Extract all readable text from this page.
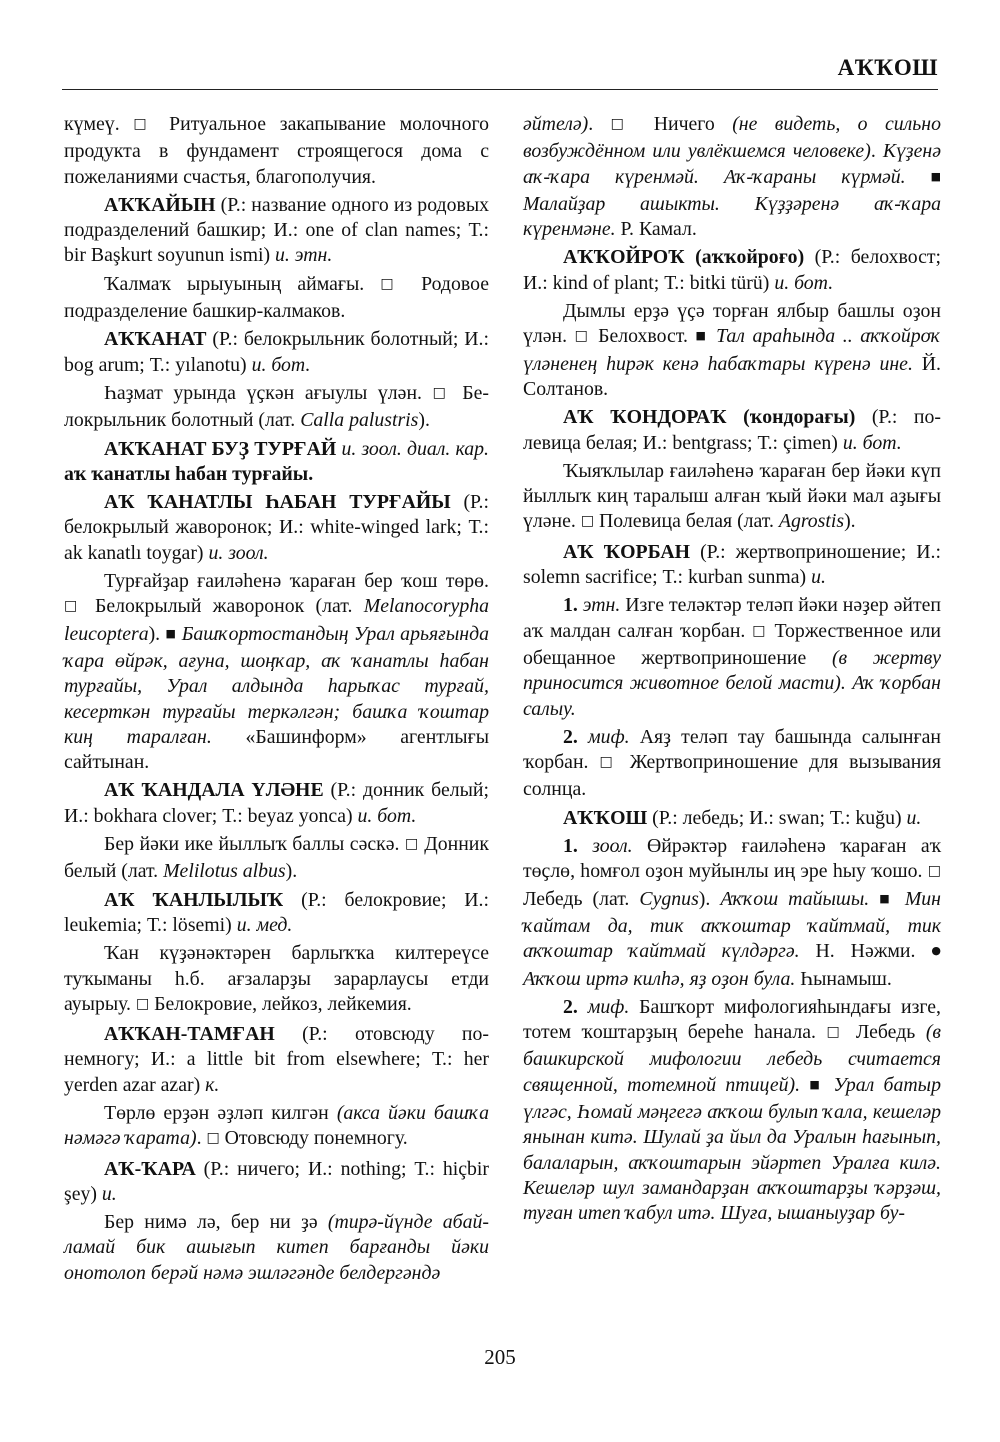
АҠҠОШ

күмеү. □ Ритуальное закапывание молочного продукта в фундамент строящегося дома с пожеланиями счастья, благополучия.

АҠҠАЙЫН (Р.: название одного из родовых подразделений башкир; И.: one of clan names; Т.: bir Başkurt soyunun ismi) и. этн.

Ҡалмаҡ ырыуының аймағы. □ Родовое подразделение башкир-калмаков.

АҠҠАНАТ (Р.: белокрыльник болотный; И.: bog arum; Т.: yılanotu) и. бот.

Һаҙмат урында үҫкән ағыулы үлән. □ Белокрыльник болотный (лат. Calla palustris).

АҠҠАНАТ БУҘ ТУРҒАЙ и. зоол. диал. кар. аҡ ҡанатлы һабан турғайы.

АҠ ҠАНАТЛЫ ҺАБАН ТУРҒАЙЫ (Р.: белокрылый жаворонок; И.: white-winged lark; Т.: ak kanatlı toygar) и. зоол.

Турғайҙар ғаиләһенә ҡараған бер ҡош төрө. □ Белокрылый жаворонок (лат. Melanocorypha leucoptera). ■ Башҡортостандың Урал арьяғында ҡара өйрәк, ағуна, шоңҡар, аҡ ҡанатлы һабан турғайы, Урал алдында һарыҡас турғай, кесерткән турғайы теркәлгән; башҡа ҡоштар киң таралған. «Башинформ» агентлығы сайтынан.

АҠ ҠАНДАЛА ҮЛӘНЕ (Р.: донник белый; И.: bokhara clover; Т.: beyaz yonca) и. бот.

Бер йәки ике йыллыҡ баллы сәскә. □ Донник белый (лат. Melilotus albus).

АҠ ҠАНЛЫЛЫҠ (Р.: белокровие; И.: leukemia; Т.: lösemi) и. мед.

Ҡан күҙәнәктәрен барлыҡҡа килтереүсе туҡыманы һ.б. ағзаларҙы зарарлаусы етди ауырыу. □ Белокровие, лейкоз, лейкемия.

АҠҠАН-ТАМҒАН (Р.: отовсюду понемногу; И.: a little bit from elsewhere; Т.: her yerden azar azar) к.

Төрлө ерҙән әҙләп килгән (акса йәки башҡа нәмәгә ҡарата). □ Отовсюду понемногу.

АҠ-ҠАРА (Р.: ничего; И.: nothing; Т.: hiçbir şey) и.

Бер нимә лә, бер ни ҙә (тирә-йүнде абайламай бик ашығып китеп барғанды йәки онотолоп берәй нәмә эшләгәнде белдергәндә

әйтелә). □ Ничего (не видеть, о сильно возбуждённом или увлёкшемся человеке). Күҙенә аҡ-ҡара күренмәй. Аҡ-ҡараны күрмәй. ■ Малайҙар ашыкты. Күҙҙәренә аҡ-ҡара күренмәне. Р. Камал.

АҠҠОЙРОҠ (аҡҡойроғо) (Р.: белохвост; И.: kind of plant; Т.: bitki türü) и. бот.

Дымлы ерҙә үҫә торған ялбыр башлы оҙон үлән. □ Белохвост. ■ Тал араһында .. аҡҡойроҡ үләненең һирәк кенә һабаҡтары күренә ине. Й. Солтанов.

АҠ ҠОНДОРАҠ (ҡондорағы) (Р.: полевица белая; И.: bentgrass; Т.: çimen) и. бот.

Ҡыяҡлылар ғаиләһенә ҡараған бер йәки күп йыллыҡ киң таралыш алған ҡый йәки мал аҙығы үләне. □ Полевица белая (лат. Agrostis).

АҠ ҠОРБАН (Р.: жертвоприношение; И.: solemn sacrifice; Т.: kurban sunma) и.

1. этн. Изге теләктәр теләп йәки нәҙер әйтеп аҡ малдан салған ҡорбан. □ Торжественное или обещанное жертвоприношение (в жертву приносится животное белой масти). Аҡ ҡорбан салыу.

2. миф. Аяҙ теләп тау башында салынған ҡорбан. □ Жертвоприношение для вызывания солнца.

АҠҠОШ (Р.: лебедь; И.: swan; Т.: kuğu) и.

1. зоол. Өйрәктәр ғаиләһенә ҡараған аҡ төҫлө, һомғол оҙон муйынлы иң эре һыу ҡошо. □ Лебедь (лат. Cygnus). Аҡҡош тайышы. ■ Мин ҡайтам да, тик аҡҡоштар ҡайтмай, тик аҡҡоштар ҡайтмай күлдәргә. Н. Нәжми. ● Аҡҡош иртә килһә, яҙ оҙон була. Һынамыш.

2. миф. Башҡорт мифологияһындағы изге, тотем ҡоштарҙың береһе һанала. □ Лебедь (в башкирской мифологии лебедь считается священной, тотемной птицей). ■ Урал батыр үлгәс, Һомай мәңгегә аҡҡош булып ҡала, кешеләр янынан китә. Шулай ҙа йыл да Уралын һағынып, балаларын, аҡҡоштарын эйәртеп Уралға килә. Кешеләр шул замандарҙан аҡҡоштарҙы ҡәрҙәш, туған итеп ҡабул итә. Шуға, ышаныуҙар бу-

205
